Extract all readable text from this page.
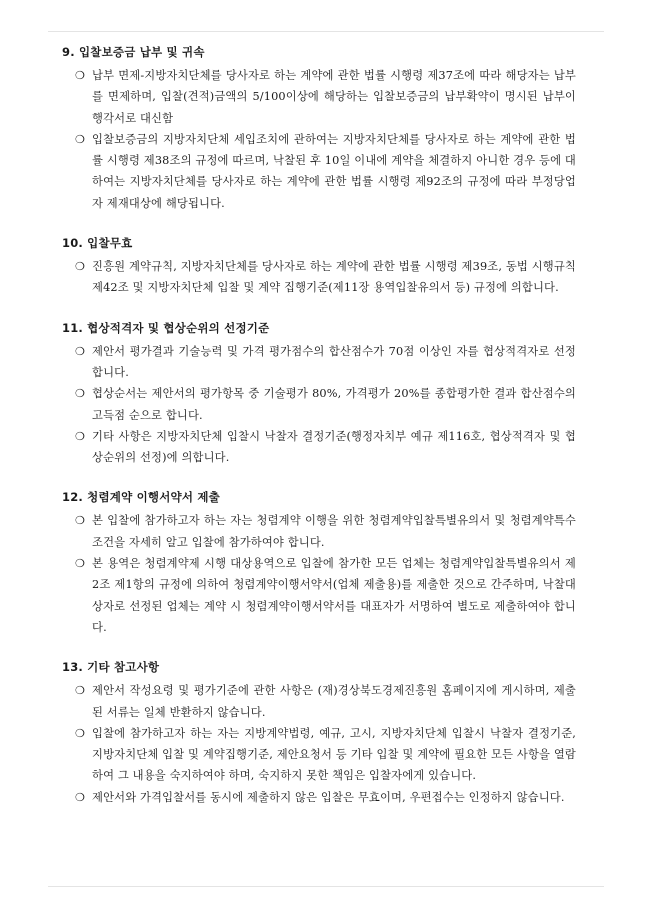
9. 입찰보증금 납부 및 귀속
❍ 납부 면제-지방자치단체를 당사자로 하는 계약에 관한 법률 시행령 제37조에 따라 해당자는 납부를 면제하며, 입찰(견적)금액의 5/100이상에 해당하는 입찰보증금의 납부확약이 명시된 납부이행각서로 대신함
❍ 입찰보증금의 지방자치단체 세입조치에 관하여는 지방자치단체를 당사자로 하는 계약에 관한 법률 시행령 제38조의 규정에 따르며, 낙찰된 후 10일 이내에 계약을 체결하지 아니한 경우 등에 대하여는 지방자치단체를 당사자로 하는 계약에 관한 법률 시행령 제92조의 규정에 따라 부정당업자 제재대상에 해당됩니다.
10. 입찰무효
❍ 진흥원 계약규칙, 지방자치단체를 당사자로 하는 계약에 관한 법률 시행령 제39조, 동법 시행규칙 제42조 및 지방자치단체 입찰 및 계약 집행기준(제11장 용역입찰유의서 등) 규정에 의합니다.
11. 협상적격자 및 협상순위의 선정기준
❍ 제안서 평가결과 기술능력 및 가격 평가점수의 합산점수가 70점 이상인 자를 협상적격자로 선정합니다.
❍ 협상순서는 제안서의 평가항목 중 기술평가 80%, 가격평가 20%를 종합평가한 결과 합산점수의 고득점 순으로 합니다.
❍ 기타 사항은 지방자치단체 입찰시 낙찰자 결정기준(행정자치부 예규 제116호, 협상적격자 및 협상순위의 선정)에 의합니다.
12. 청렴계약 이행서약서 제출
❍ 본 입찰에 참가하고자 하는 자는 청렴계약 이행을 위한 청렴계약입찰특별유의서 및 청렴계약특수조건을 자세히 알고 입찰에 참가하여야 합니다.
❍ 본 용역은 청렴계약제 시행 대상용역으로 입찰에 참가한 모든 업체는 청렴계약입찰특별유의서 제2조 제1항의 규정에 의하여 청렴계약이행서약서(업체 제출용)를 제출한 것으로 간주하며, 낙찰대상자로 선정된 업체는 계약 시 청렴계약이행서약서를 대표자가 서명하여 별도로 제출하여야 합니다.
13. 기타 참고사항
❍ 제안서 작성요령 및 평가기준에 관한 사항은 (재)경상북도경제진흥원 홈페이지에 게시하며, 제출된 서류는 일체 반환하지 않습니다.
❍ 입찰에 참가하고자 하는 자는 지방계약법령, 예규, 고시, 지방자치단체 입찰시 낙찰자 결정기준, 지방자치단체 입찰 및 계약집행기준, 제안요청서 등 기타 입찰 및 계약에 필요한 모든 사항을 열람하여 그 내용을 숙지하여야 하며, 숙지하지 못한 책임은 입찰자에게 있습니다.
❍ 제안서와 가격입찰서를 동시에 제출하지 않은 입찰은 무효이며, 우편접수는 인정하지 않습니다.
